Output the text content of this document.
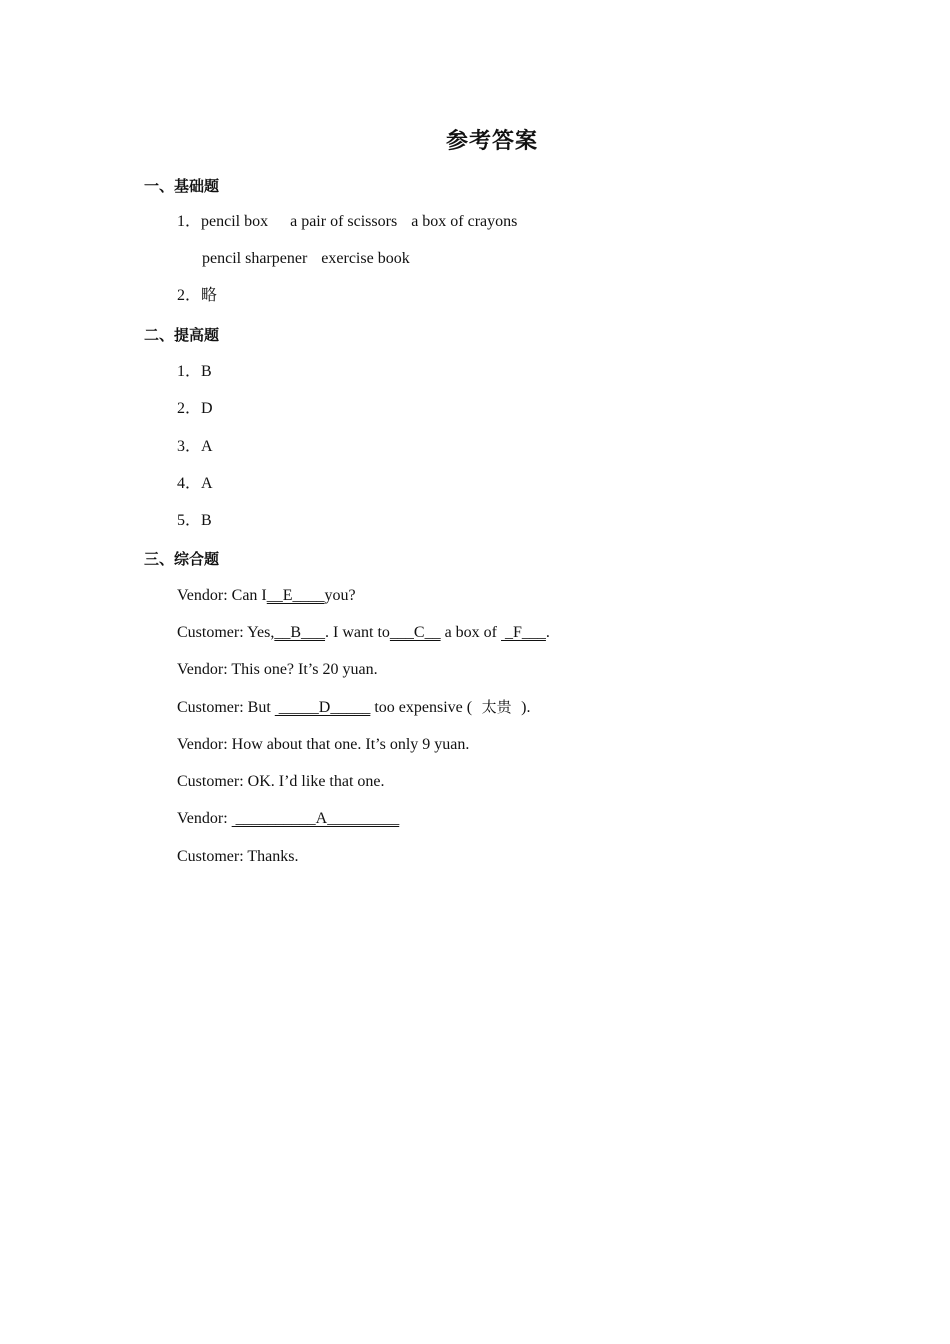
参考答案
一、基础题
1．pencil box a pair of scissors a box of crayons
pencil sharpener exercise book
2．略
二、提高题
1．B
2．D
3．A
4．A
5．B
三、综合题
Vendor: Can I__E____you?
Customer: Yes,__B___. I want to___C__ a box of  _F___.
Vendor: This one? It’s 20 yuan.
Customer: But  _____D_____ too expensive (  太贵  ).
Vendor: How about that one. It’s only 9 yuan.
Customer: OK. I’d like that one.
Vendor:  __________A_________
Customer: Thanks.
